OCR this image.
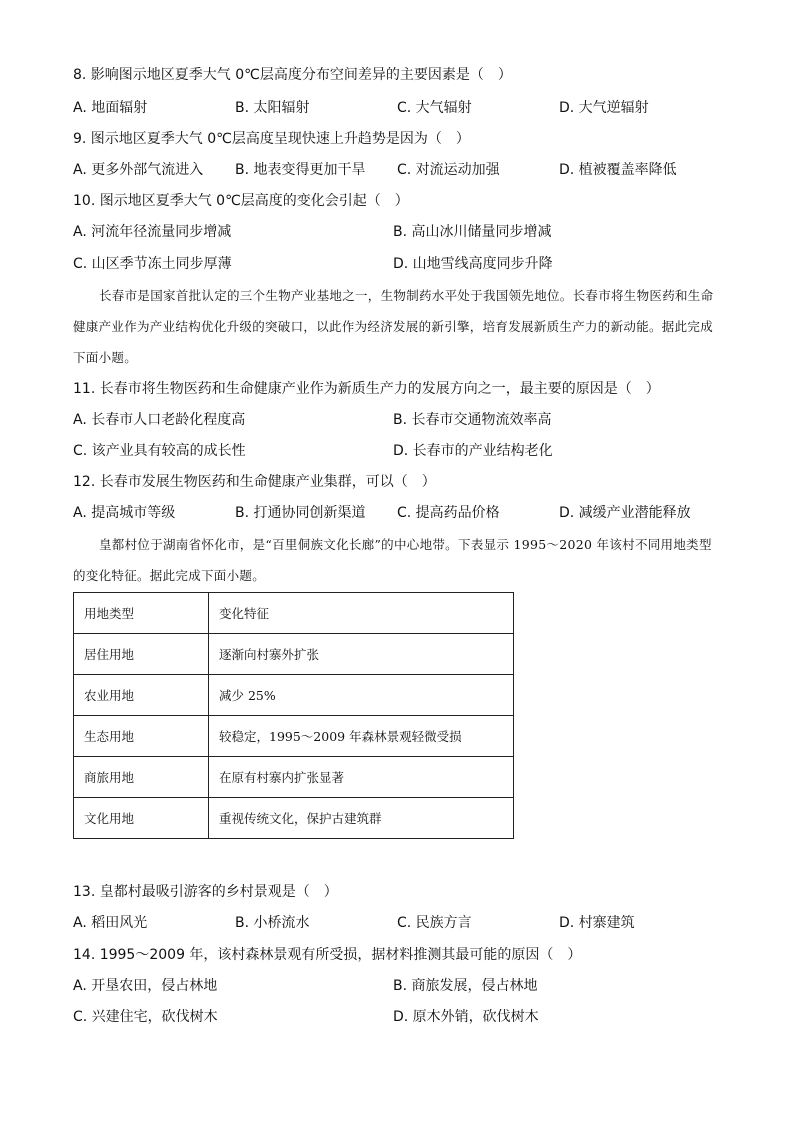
8. 影响图示地区夏季大气 0℃层高度分布空间差异的主要因素是（　）
A. 地面辐射	B. 太阳辐射	C. 大气辐射	D. 大气逆辐射
9. 图示地区夏季大气 0℃层高度呈现快速上升趋势是因为（　）
A. 更多外部气流进入	B. 地表变得更加干旱	C. 对流运动加强	D. 植被覆盖率降低
10. 图示地区夏季大气 0℃层高度的变化会引起（　）
A. 河流年径流量同步增减	B. 高山冰川储量同步增减
C. 山区季节冻土同步厚薄	D. 山地雪线高度同步升降
长春市是国家首批认定的三个生物产业基地之一，生物制药水平处于我国领先地位。长春市将生物医药和生命健康产业作为产业结构优化升级的突破口，以此作为经济发展的新引擎，培育发展新质生产力的新动能。据此完成下面小题。
11. 长春市将生物医药和生命健康产业作为新质生产力的发展方向之一，最主要的原因是（　）
A. 长春市人口老龄化程度高	B. 长春市交通物流效率高
C. 该产业具有较高的成长性	D. 长春市的产业结构老化
12. 长春市发展生物医药和生命健康产业集群，可以（　）
A. 提高城市等级	B. 打通协同创新渠道	C. 提高药品价格	D. 减缓产业潜能释放
皇都村位于湖南省怀化市，是“百里侗族文化长廊”的中心地带。下表显示 1995～2020 年该村不同用地类型的变化特征。据此完成下面小题。
用地类型	变化特征
居住用地	逐渐向村寨外扩张
农业用地	减少 25%
生态用地	较稳定，1995～2009 年森林景观轻微受损
商旅用地	在原有村寨内扩张显著
文化用地	重视传统文化，保护古建筑群
13. 皇都村最吸引游客的乡村景观是（　）
A. 稻田风光	B. 小桥流水	C. 民族方言	D. 村寨建筑
14. 1995～2009 年，该村森林景观有所受损，据材料推测其最可能的原因（　）
A. 开垦农田，侵占林地	B. 商旅发展，侵占林地
C. 兴建住宅，砍伐树木	D. 原木外销，砍伐树木
